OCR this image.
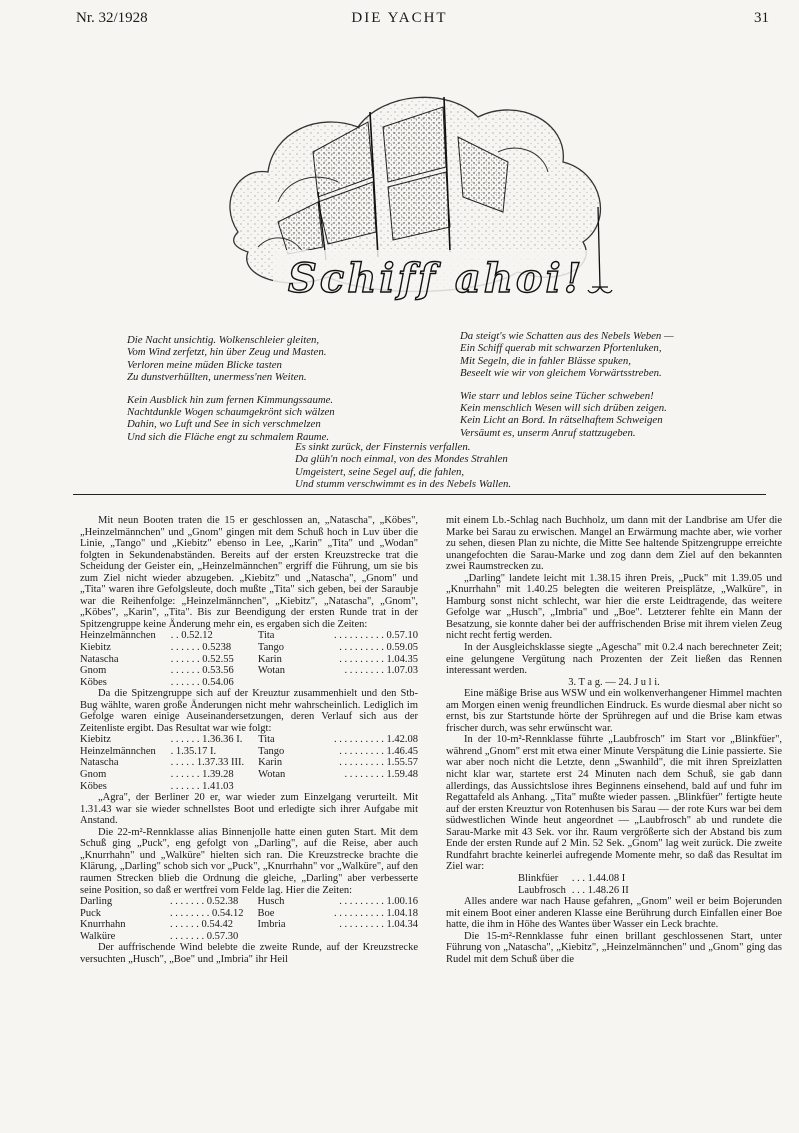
Nr. 32/1928	DIE YACHT	31
Schiff ahoi!
Die Nacht unsichtig. Wolkenschleier gleiten,
Vom Wind zerfetzt, hin über Zeug und Masten.
Verloren meine müden Blicke tasten
Zu dunstverhüllten, unermess'nen Weiten.
Kein Ausblick hin zum fernen Kimmungssaume.
Nachtdunkle Wogen schaumgekrönt sich wälzen
Dahin, wo Luft und See in sich verschmelzen
Und sich die Fläche engt zu schmalem Raume.
Da steigt's wie Schatten aus des Nebels Weben —
Ein Schiff querab mit schwarzen Pfortenluken,
Mit Segeln, die in fahler Blässe spuken,
Beseelt wie wir von gleichem Vorwärtsstreben.
Wie starr und leblos seine Tücher schweben!
Kein menschlich Wesen will sich drüben zeigen.
Kein Licht an Bord. In rätselhaftem Schweigen
Versäumt es, unserm Anruf stattzugeben.
Es sinkt zurück, der Finsternis verfallen.
Da glüh'n noch einmal, von des Mondes Strahlen
Umgeistert, seine Segel auf, die fahlen,
Und stumm verschwimmt es in des Nebels Wallen.

Mit neun Booten traten die 15 er geschlossen an, „Natascha", „Köbes", „Heinzelmännchen" und „Gnom" gingen mit dem Schuß hoch in Luv über die Linie, „Tango" und „Kiebitz" ebenso in Lee, „Karin" „Tita" und „Wodan" folgten in Sekundenabständen. Bereits auf der ersten Kreuzstrecke trat die Scheidung der Geister ein, „Heinzelmännchen" ergriff die Führung, um sie bis zum Ziel nicht wieder abzugeben. „Kiebitz" und „Natascha", „Gnom" und „Tita" waren ihre Gefolgsleute, doch mußte „Tita" sich geben, bei der Saraubje war die Reihenfolge: „Heinzelmännchen", „Kiebitz", „Natascha", „Gnom", „Köbes", „Karin", „Tita". Bis zur Beendigung der ersten Runde trat in der Spitzengruppe keine Änderung mehr ein, es ergaben sich die Zeiten:

Heinzelmännchen	. . 0.52.12	Tita	. . . . . . . . . . 0.57.10
Kiebitz	. . . . . . 0.5238	Tango	. . . . . . . . . 0.59.05
Natascha	. . . . . . 0.52.55	Karin	. . . . . . . . . 1.04.35
Gnom	. . . . . . 0.53.56	Wotan	. . . . . . . . 1.07.03
Köbes	. . . . . . 0.54.06		

Da die Spitzengruppe sich auf der Kreuztur zusammenhielt und den Stb-Bug wählte, waren große Änderungen nicht mehr wahrscheinlich. Lediglich im Gefolge waren einige Auseinandersetzungen, deren Verlauf sich aus der Zeitenliste ergibt. Das Resultat war wie folgt:

Kiebitz	. . . . . . 1.36.36 I.	Tita	. . . . . . . . . . 1.42.08
Heinzelmännchen	. 1.35.17 I.	Tango	. . . . . . . . . 1.46.45
Natascha	. . . . . 1.37.33 III.	Karin	. . . . . . . . . 1.55.57
Gnom	. . . . . . 1.39.28	Wotan	. . . . . . . . 1.59.48
Köbes	. . . . . . 1.41.03		

„Agra", der Berliner 20 er, war wieder zum Einzelgang verurteilt. Mit 1.31.43 war sie wieder schnellstes Boot und erledigte sich ihrer Aufgabe mit Anstand.

Die 22-m²-Rennklasse alias Binnenjolle hatte einen guten Start. Mit dem Schuß ging „Puck", eng gefolgt von „Darling", auf die Reise, aber auch „Knurrhahn" und „Walküre" hielten sich ran. Die Kreuzstrecke brachte die Klärung, „Darling" schob sich vor „Puck", „Knurrhahn" vor „Walküre", auf den raumen Strecken blieb die Ordnung die gleiche, „Darling" aber verbesserte seine Position, so daß er wertfrei vom Felde lag. Hier die Zeiten:

Darling	. . . . . . . 0.52.38	Husch	. . . . . . . . . 1.00.16
Puck	. . . . . . . . 0.54.12	Boe	. . . . . . . . . . 1.04.18
Knurrhahn	. . . . . . 0.54.42	Imbria	. . . . . . . . . 1.04.34
Walküre	. . . . . . . 0.57.30		

Der auffrischende Wind belebte die zweite Runde, auf der Kreuzstrecke versuchten „Husch", „Boe" und „Imbria" ihr Heil

mit einem Lb.-Schlag nach Buchholz, um dann mit der Landbrise am Ufer die Marke bei Sarau zu erwischen. Mangel an Erwärmung machte aber, wie vorher zu sehen, diesen Plan zu nichte, die Mitte See haltende Spitzengruppe erreichte unangefochten die Sarau-Marke und zog dann dem Ziel auf den bekannten zwei Raumstrecken zu.

„Darling" landete leicht mit 1.38.15 ihren Preis, „Puck" mit 1.39.05 und „Knurrhahn" mit 1.40.25 belegten die weiteren Preisplätze, „Walküre", in Hamburg sonst nicht schlecht, war hier die erste Leidtragende, das weitere Gefolge war „Husch", „Imbria" und „Boe". Letzterer fehlte ein Mann der Besatzung, sie konnte daher bei der auffrischenden Brise mit ihrem vielen Zeug nicht recht fertig werden.

In der Ausgleichsklasse siegte „Agescha" mit 0.2.4 nach berechneter Zeit; eine gelungene Vergütung nach Prozenten der Zeit ließen das Rennen interessant werden.

3. T a g. — 24. J u l i.

Eine mäßige Brise aus WSW und ein wolkenverhangener Himmel machten am Morgen einen wenig freundlichen Eindruck. Es wurde diesmal aber nicht so ernst, bis zur Startstunde hörte der Sprühregen auf und die Brise kam etwas frischer durch, was sehr erwünscht war.

In der 10-m²-Rennklasse führte „Laubfrosch" im Start vor „Blinkfüer", während „Gnom" erst mit etwa einer Minute Verspätung die Linie passierte. Sie war aber noch nicht die Letzte, denn „Swanhild", die mit ihren Spreizlatten nicht klar war, startete erst 24 Minuten nach dem Schuß, sie gab dann allerdings, das Aussichtslose ihres Beginnens einsehend, bald auf und fuhr im Regattafeld als Anhang. „Tita" mußte wieder passen. „Blinkfüer" fertigte heute auf der ersten Kreuztur von Rotenhusen bis Sarau — der rote Kurs war bei dem südwestlichen Winde heut angeordnet — „Laubfrosch" ab und rundete die Sarau-Marke mit 43 Sek. vor ihr. Raum vergrößerte sich der Abstand bis zum Ende der ersten Runde auf 2 Min. 52 Sek. „Gnom" lag weit zurück. Die zweite Rundfahrt brachte keinerlei aufregende Momente mehr, so daß das Resultat im Ziel war:

Blinkfüer	. . . 1.44.08 I
Laubfrosch	. . . 1.48.26 II

Alles andere war nach Hause gefahren, „Gnom" weil er beim Bojerunden mit einem Boot einer anderen Klasse eine Berührung durch Einfallen einer Boe hatte, die ihm in Höhe des Wantes über Wasser ein Leck brachte.

Die 15-m²-Rennklasse fuhr einen brillant geschlossenen Start, unter Führung von „Natascha", „Kiebitz", „Heinzelmännchen" und „Gnom" ging das Rudel mit dem Schuß über die
